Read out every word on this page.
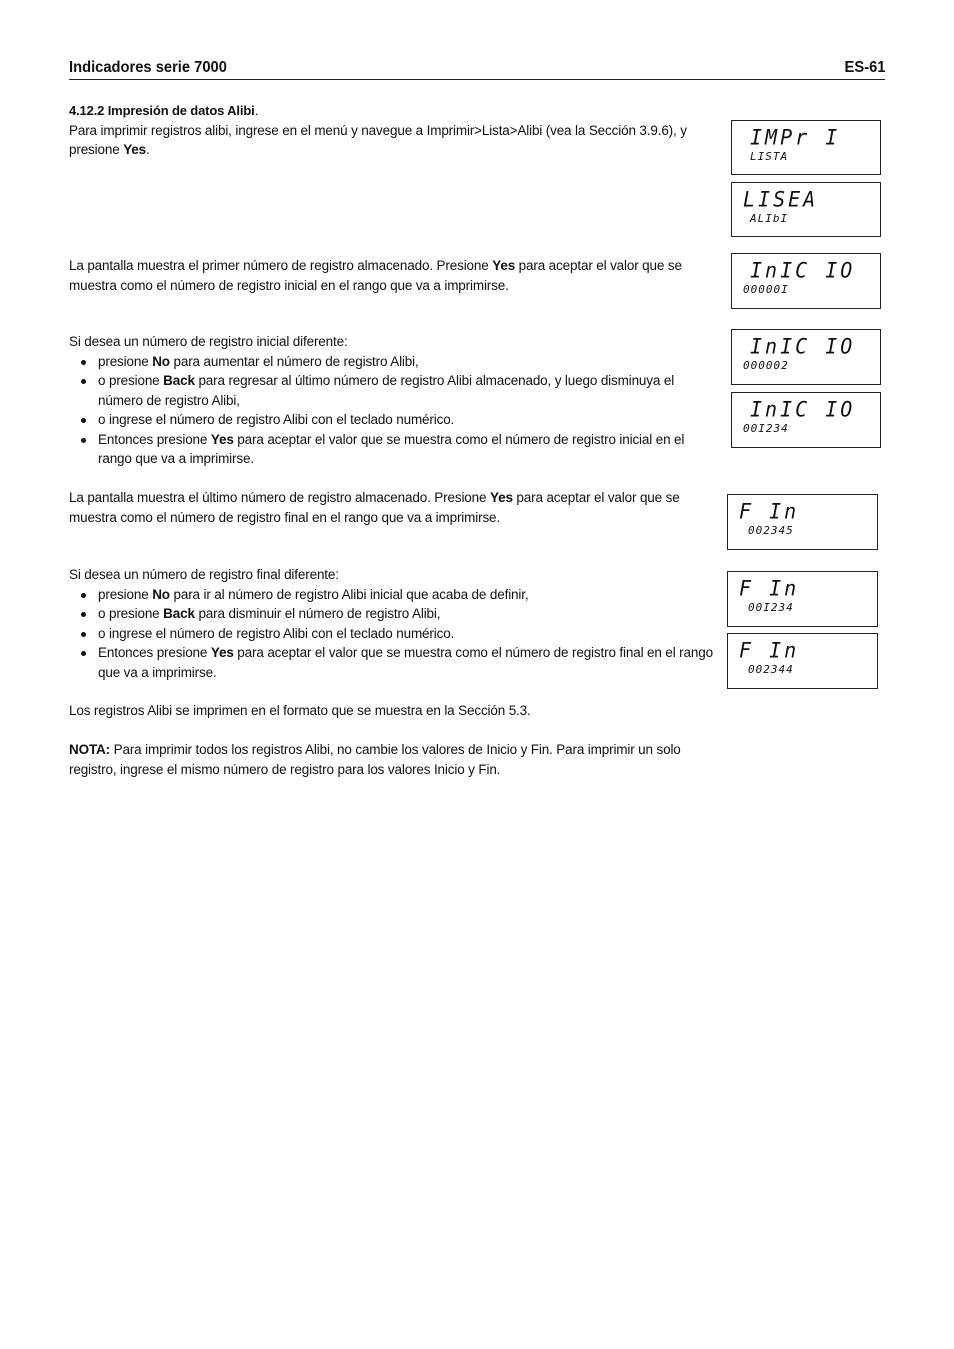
Indicadores serie 7000	ES-61
4.12.2 Impresión de datos Alibi.
Para imprimir registros alibi, ingrese en el menú y navegue a Imprimir>Lista>Alibi (vea la Sección 3.9.6), y presione Yes.
La pantalla muestra el primer número de registro almacenado. Presione Yes para aceptar el valor que se muestra como el número de registro inicial en el rango que va a imprimirse.
Si desea un número de registro inicial diferente:
presione No para aumentar el número de registro Alibi,
o presione Back para regresar al último número de registro Alibi almacenado, y luego disminuya el número de registro Alibi,
o ingrese el número de registro Alibi con el teclado numérico.
Entonces presione Yes para aceptar el valor que se muestra como el número de registro inicial en el rango que va a imprimirse.
La pantalla muestra el último número de registro almacenado. Presione Yes para aceptar el valor que se muestra como el número de registro final en el rango que va a imprimirse.
Si desea un número de registro final diferente:
presione No para ir al número de registro Alibi inicial que acaba de definir,
o presione Back para disminuir el número de registro Alibi,
o ingrese el número de registro Alibi con el teclado numérico.
Entonces presione Yes para aceptar el valor que se muestra como el número de registro final en el rango que va a imprimirse.
Los registros Alibi se imprimen en el formato que se muestra en la Sección 5.3.
NOTA: Para imprimir todos los registros Alibi, no cambie los valores de Inicio y Fin. Para imprimir un solo registro, ingrese el mismo número de registro para los valores Inicio y Fin.
IMPr I
LISTA
LISEA
ALIbI
InIC IO
00000I
InIC IO
000002
InIC IO
00I234
F In
002345
F In
00I234
F In
002344
